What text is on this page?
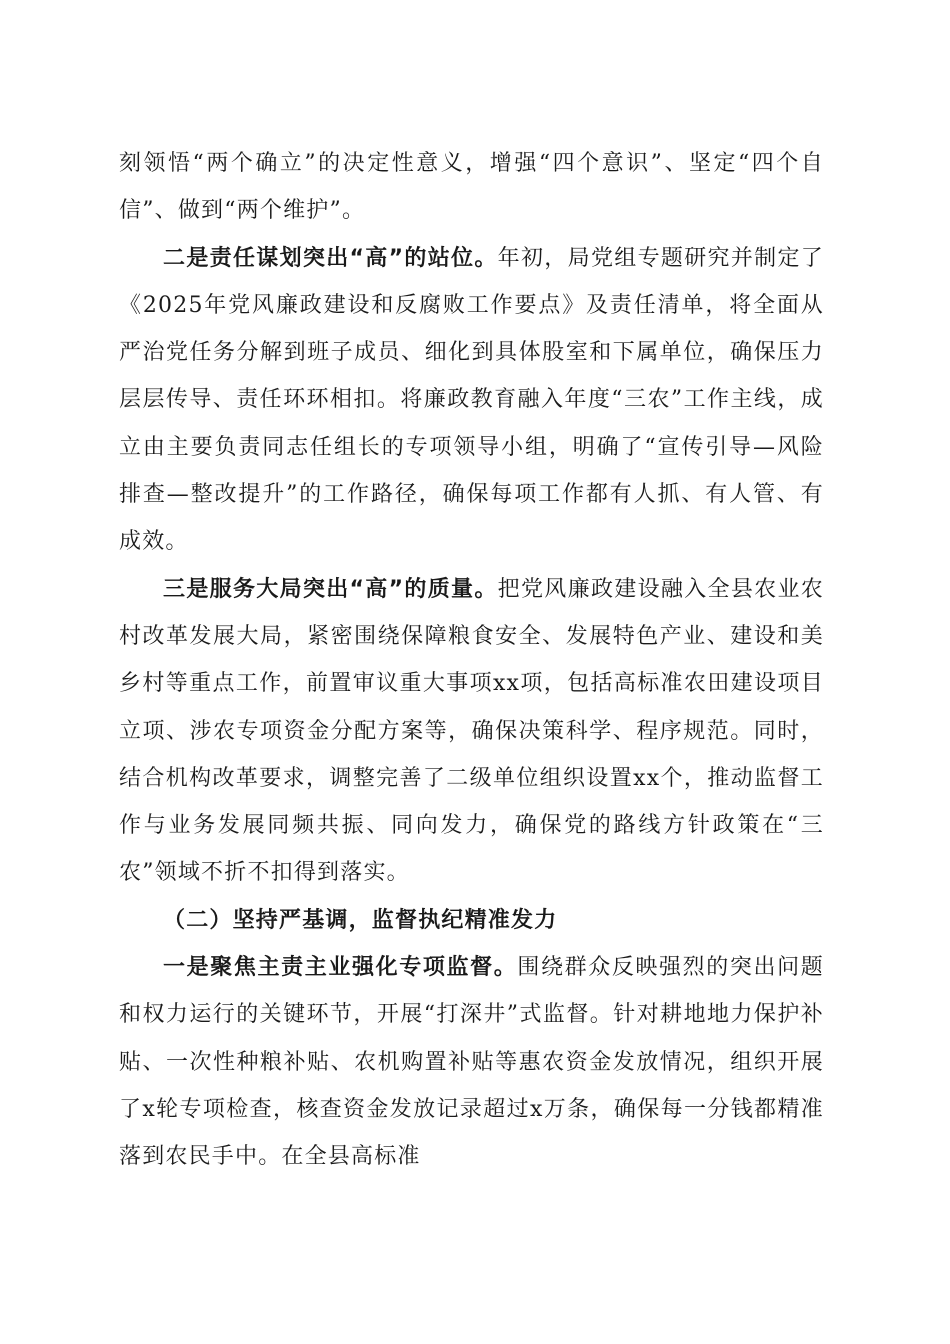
刻领悟“两个确立”的决定性意义，增强“四个意识”、坚定“四个自信”、做到“两个维护”。

二是责任谋划突出“高”的站位。年初，局党组专题研究并制定了《2025年党风廉政建设和反腐败工作要点》及责任清单，将全面从严治党任务分解到班子成员、细化到具体股室和下属单位，确保压力层层传导、责任环环相扣。将廉政教育融入年度“三农”工作主线，成立由主要负责同志任组长的专项领导小组，明确了“宣传引导—风险排查—整改提升”的工作路径，确保每项工作都有人抓、有人管、有成效。

三是服务大局突出“高”的质量。把党风廉政建设融入全县农业农村改革发展大局，紧密围绕保障粮食安全、发展特色产业、建设和美乡村等重点工作，前置审议重大事项xx项，包括高标准农田建设项目立项、涉农专项资金分配方案等，确保决策科学、程序规范。同时，结合机构改革要求，调整完善了二级单位组织设置xx个，推动监督工作与业务发展同频共振、同向发力，确保党的路线方针政策在“三农”领域不折不扣得到落实。

（二）坚持严基调，监督执纪精准发力

一是聚焦主责主业强化专项监督。围绕群众反映强烈的突出问题和权力运行的关键环节，开展“打深井”式监督。针对耕地地力保护补贴、一次性种粮补贴、农机购置补贴等惠农资金发放情况，组织开展了x轮专项检查，核查资金发放记录超过x万条，确保每一分钱都精准落到农民手中。在全县高标准
